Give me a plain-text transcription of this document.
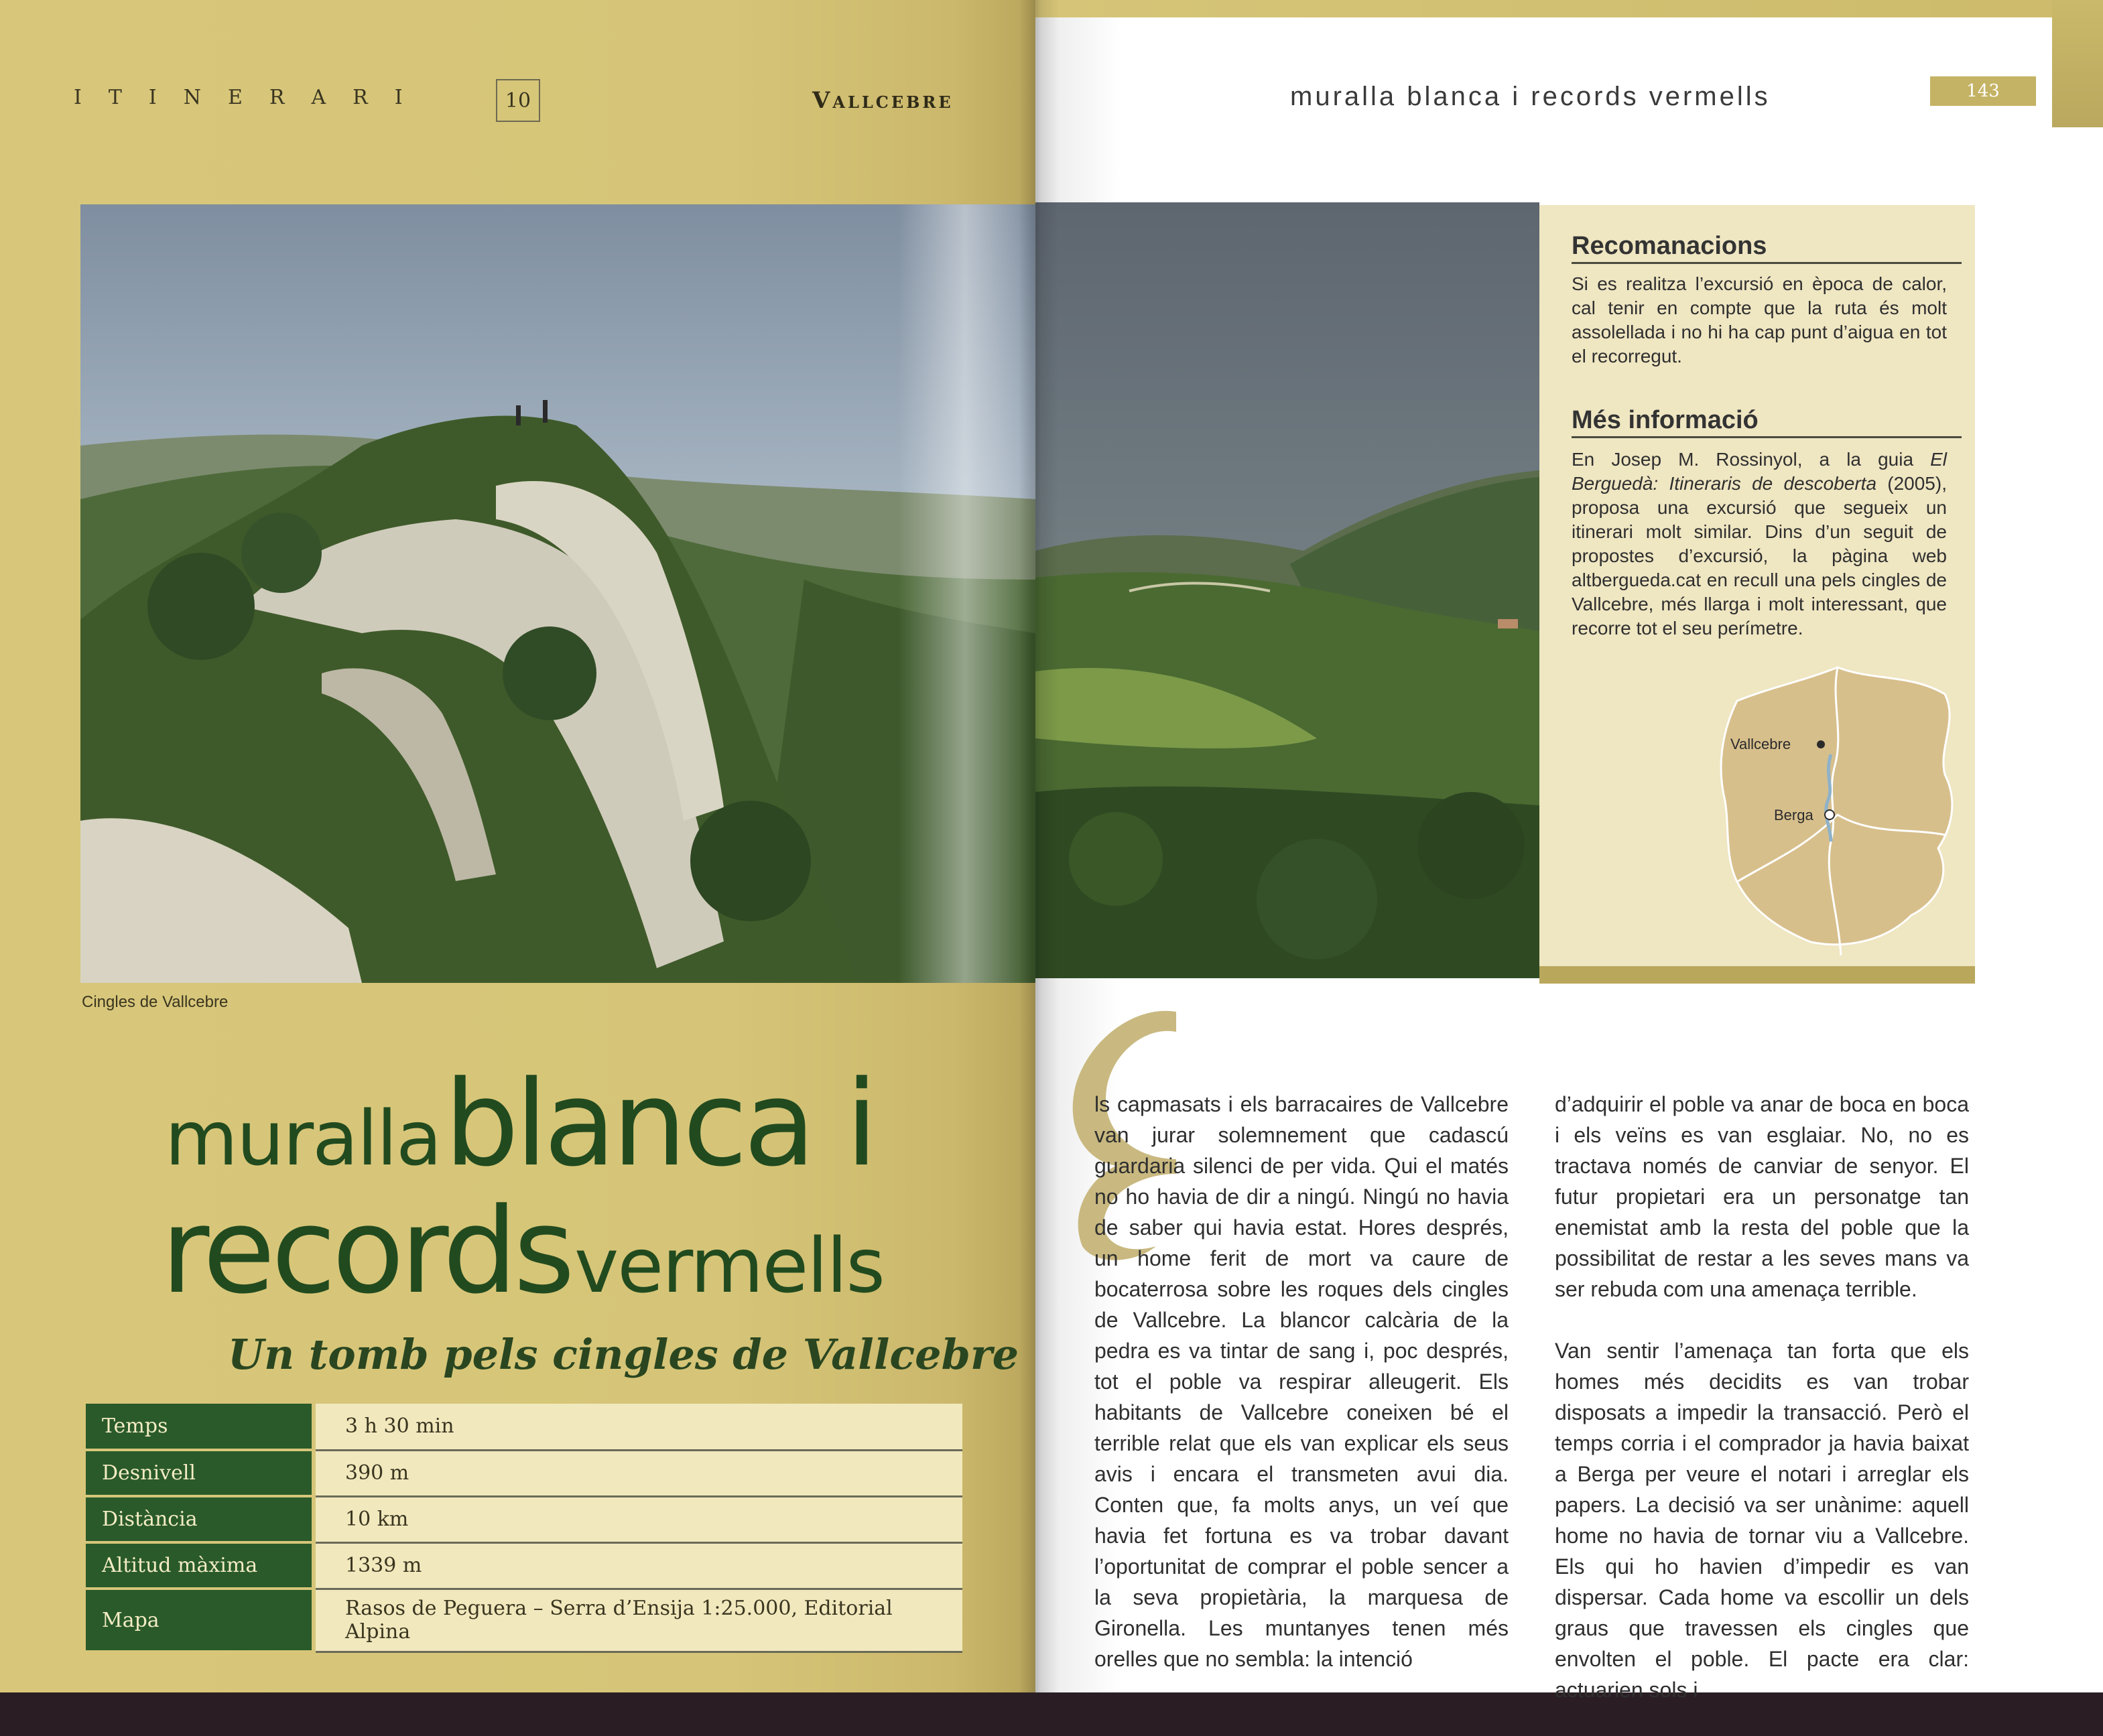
ITINERARI	10	Vallcebre
Cingles de Vallcebre
muralla blanca i
records vermells
Un tomb pels cingles de Vallcebre
Temps	3 h 30 min
Desnivell	390 m
Distància	10 km
Altitud màxima	1339 m
Mapa	Rasos de Peguera – Serra d’Ensija 1:25.000, Editorial Alpina
muralla blanca i records vermells	143
Recomanacions
Si es realitza l’excursió en època de calor, cal tenir en compte que la ruta és molt assolellada i no hi ha cap punt d’aigua en tot el recorregut.
Més informació
En Josep M. Rossinyol, a la guia El Berguedà: Itineraris de descoberta (2005), proposa una excursió que segueix un itinerari molt similar. Dins d’un seguit de propostes d’excursió, la pàgina web altbergueda.cat en recull una pels cingles de Vallcebre, més llarga i molt interessant, que recorre tot el seu perímetre.
Vallcebre
Berga

ls capmasats i els barracaires de Vallcebre van jurar solemnement que cadascú guardaria silenci de per vida. Qui el matés no ho havia de dir a ningú. Ningú no havia de saber qui havia estat. Hores després, un home ferit de mort va caure de bocaterrosa sobre les roques dels cingles de Vallcebre. La blancor calcària de la pedra es va tintar de sang i, poc després, tot el poble va respirar alleugerit. Els habitants de Vallcebre coneixen bé el terrible relat que els van explicar els seus avis i encara el transmeten avui dia. Conten que, fa molts anys, un veí que havia fet fortuna es va trobar davant l’oportunitat de comprar el poble sencer a la seva propietària, la marquesa de Gironella. Les muntanyes tenen més orelles que no sembla: la intenció

d’adquirir el poble va anar de boca en boca i els veïns es van esglaiar. No, no es tractava només de canviar de senyor. El futur propietari era un personatge tan enemistat amb la resta del poble que la possibilitat de restar a les seves mans va ser rebuda com una amenaça terrible.

Van sentir l’amenaça tan forta que els homes més decidits es van trobar disposats a impedir la transacció. Però el temps corria i el comprador ja havia baixat a Berga per veure el notari i arreglar els papers. La decisió va ser unànime: aquell home no havia de tornar viu a Vallcebre. Els qui ho havien d’impedir es van dispersar. Cada home va escollir un dels graus que travessen els cingles que envolten el poble. El pacte era clar: actuarien sols i
